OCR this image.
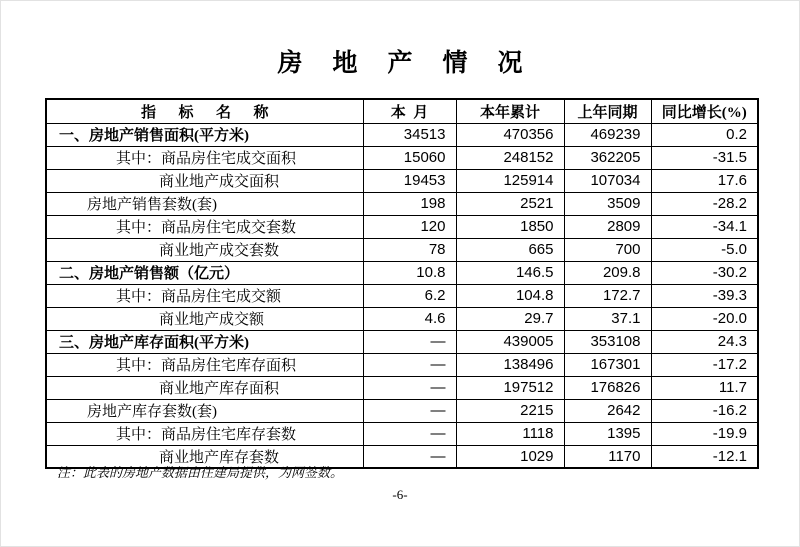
房地产情况
指标名称	本月	本年累计	上年同期	同比增长(%)
一、房地产销售面积(平方米)	34513	470356	469239	0.2
其中：商品房住宅成交面积	15060	248152	362205	-31.5
商业地产成交面积	19453	125914	107034	17.6
房地产销售套数(套)	198	2521	3509	-28.2
其中：商品房住宅成交套数	120	1850	2809	-34.1
商业地产成交套数	78	665	700	-5.0
二、房地产销售额（亿元）	10.8	146.5	209.8	-30.2
其中：商品房住宅成交额	6.2	104.8	172.7	-39.3
商业地产成交额	4.6	29.7	37.1	-20.0
三、房地产库存面积(平方米)	—	439005	353108	24.3
其中：商品房住宅库存面积	—	138496	167301	-17.2
商业地产库存面积	—	197512	176826	11.7
房地产库存套数(套)	—	2215	2642	-16.2
其中：商品房住宅库存套数	—	1118	1395	-19.9
商业地产库存套数	—	1029	1170	-12.1
注：此表的房地产数据由住建局提供，为网签数。
-6-
